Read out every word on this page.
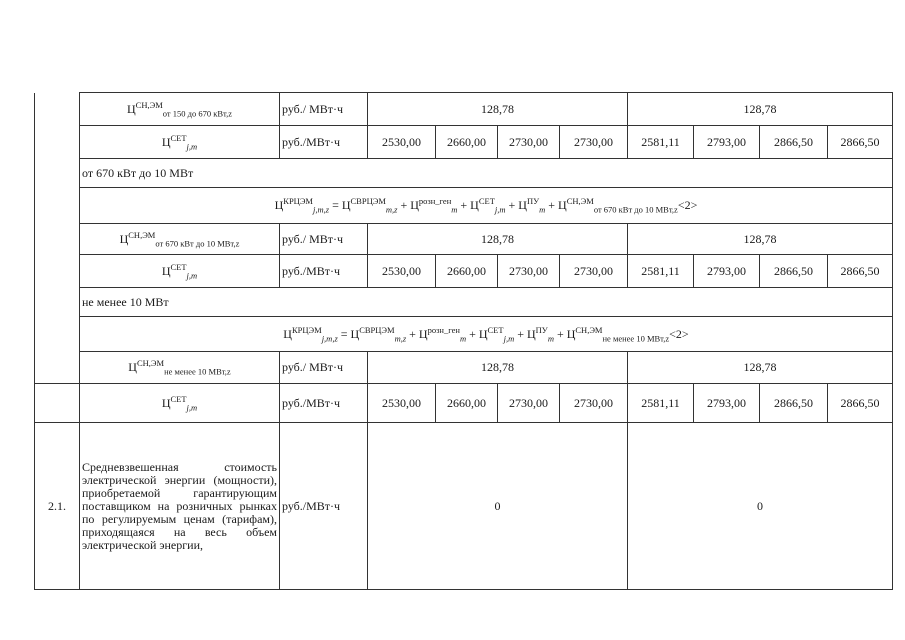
	$Ц^{СН,ЭМ}_{от 150 до 670 кВт,z}$	руб./ МВт·ч	128,78				128,78			
	$Ц^{СЕТ}_{j,m}$	руб./МВт·ч	2530,00	2660,00	2730,00	2730,00	2581,11	2793,00	2866,50	2866,50
	от 670 кВт до 10 МВт									
	$Ц^{КРЦЭМ}_{j,m,z} = Ц^{СВРЦЭМ}_{m,z} + Ц^{розн\_ген}_m + Ц^{СЕТ}_{j,m} + Ц^{ПУ}_m + Ц^{СН,ЭМ}_{от 670 кВт до 10 МВт,z}<2>$									
	$Ц^{СН,ЭМ}_{от 670 кВт до 10 МВт,z}$	руб./ МВт·ч	128,78				128,78			
	$Ц^{СЕТ}_{j,m}$	руб./МВт·ч	2530,00	2660,00	2730,00	2730,00	2581,11	2793,00	2866,50	2866,50
	не менее 10 МВт									
	$Ц^{КРЦЭМ}_{j,m,z} = Ц^{СВРЦЭМ}_{m,z} + Ц^{розн\_ген}_m + Ц^{СЕТ}_{j,m} + Ц^{ПУ}_m + Ц^{СН,ЭМ}_{не менее 10 МВт,z}<2>$									
	$Ц^{СН,ЭМ}_{не менее 10 МВт,z}$	руб./ МВт·ч	128,78				128,78			
	$Ц^{СЕТ}_{j,m}$	руб./МВт·ч	2530,00	2660,00	2730,00	2730,00	2581,11	2793,00	2866,50	2866,50
2.1.	Средневзвешенная стоимость электрической энергии (мощности), приобретаемой гарантирующим поставщиком на розничных рынках по регулируемым ценам (тарифам), приходящаяся на весь объем электрической энергии,	руб./МВт·ч	0				0			
